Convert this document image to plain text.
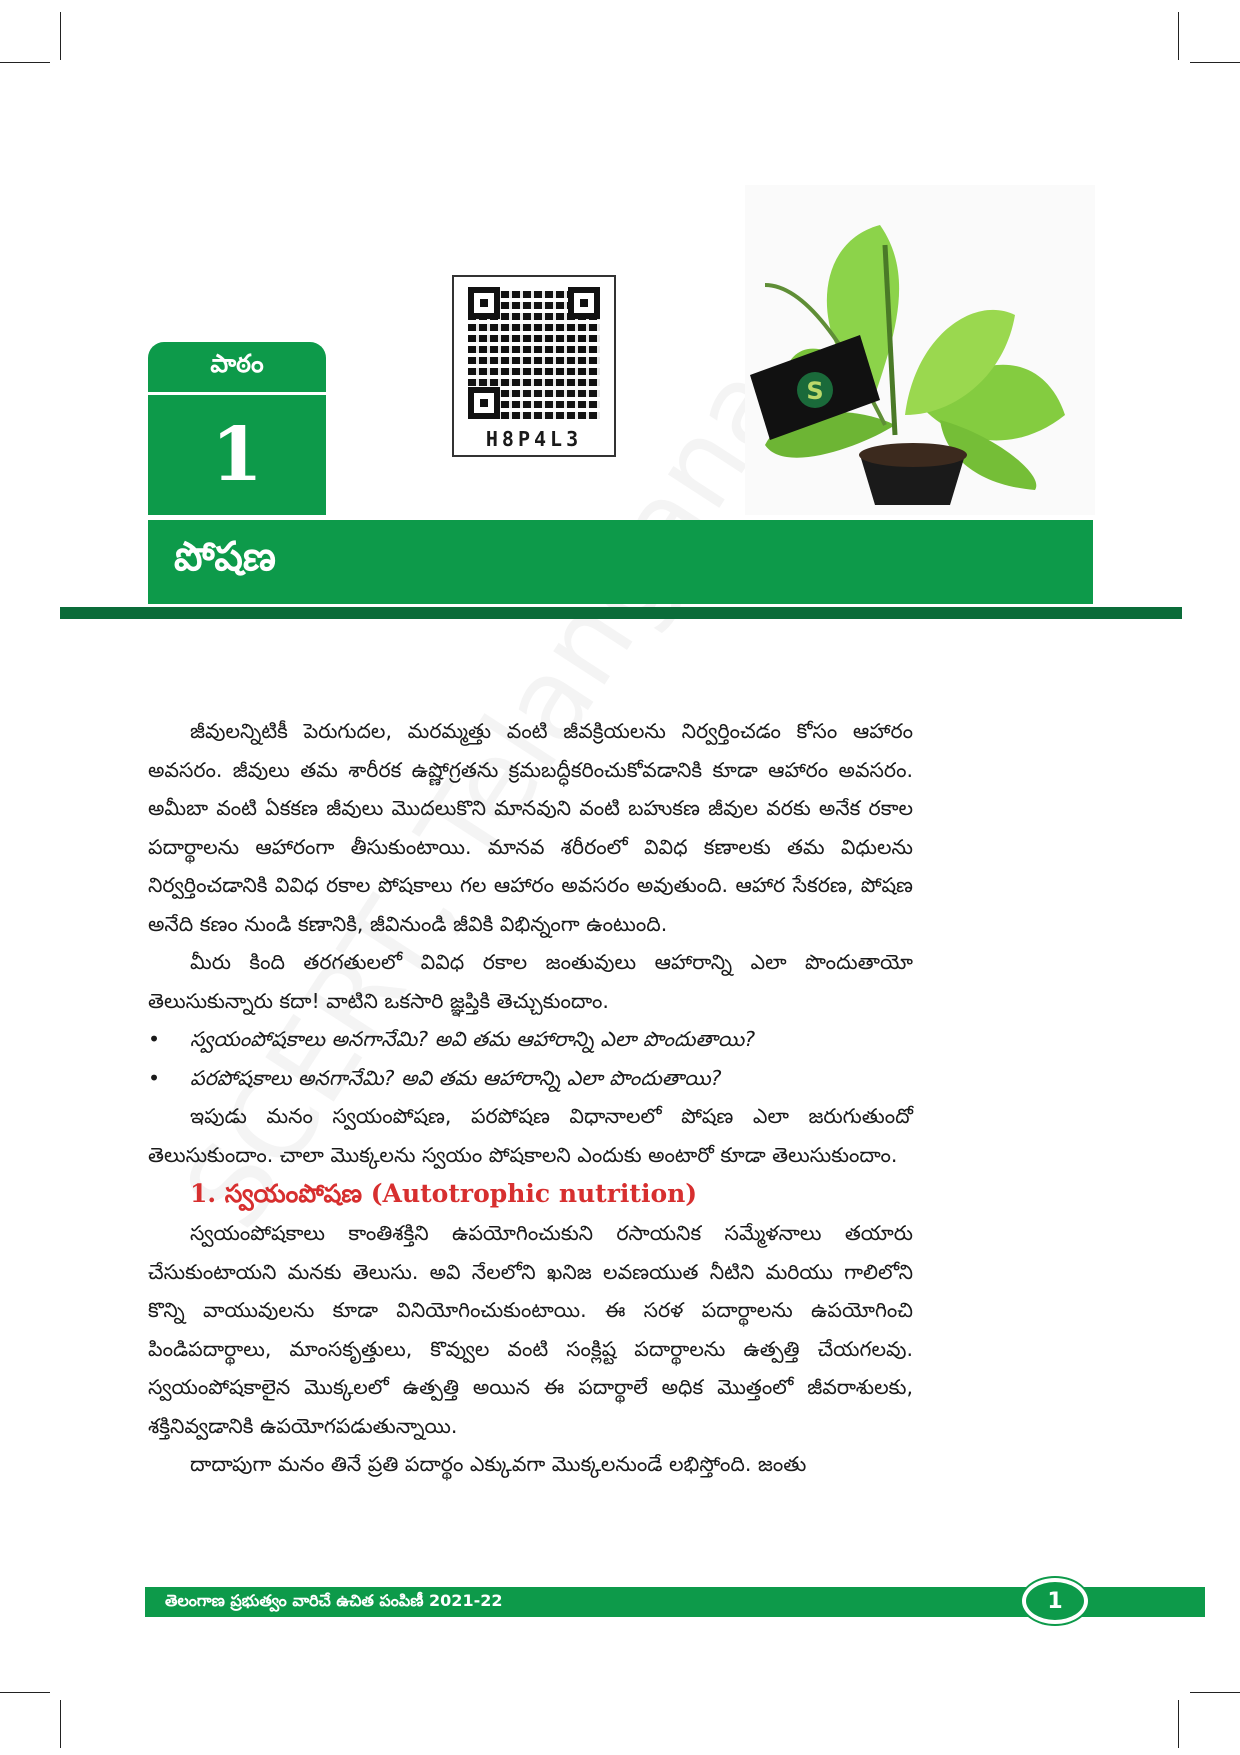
పాఠం
1	H8P4L3
S
పోషణ

జీవులన్నిటికీ పెరుగుదల, మరమ్మత్తు వంటి జీవక్రియలను నిర్వర్తించడం కోసం ఆహారం అవసరం. జీవులు తమ శారీరక ఉష్ణోగ్రతను క్రమబద్ధీకరించుకోవడానికి కూడా ఆహారం అవసరం. అమీబా వంటి ఏకకణ జీవులు మొదలుకొని మానవుని వంటి బహుకణ జీవుల వరకు అనేక రకాల పదార్థాలను ఆహారంగా తీసుకుంటాయి. మానవ శరీరంలో వివిధ కణాలకు తమ విధులను నిర్వర్తించడానికి వివిధ రకాల పోషకాలు గల ఆహారం అవసరం అవుతుంది. ఆహార సేకరణ, పోషణ అనేది కణం నుండి కణానికి, జీవినుండి జీవికి విభిన్నంగా ఉంటుంది.

మీరు కింది తరగతులలో వివిధ రకాల జంతువులు ఆహారాన్ని ఎలా పొందుతాయో తెలుసుకున్నారు కదా! వాటిని ఒకసారి జ్ఞప్తికి తెచ్చుకుందాం.

• స్వయంపోషకాలు అనగానేమి? అవి తమ ఆహారాన్ని ఎలా పొందుతాయి?

• పరపోషకాలు అనగానేమి? అవి తమ ఆహారాన్ని ఎలా పొందుతాయి?

ఇపుడు మనం స్వయంపోషణ, పరపోషణ విధానాలలో పోషణ ఎలా జరుగుతుందో తెలుసుకుందాం. చాలా మొక్కలను స్వయం పోషకాలని ఎందుకు అంటారో కూడా తెలుసుకుందాం.

1. స్వయంపోషణ (Autotrophic nutrition)

స్వయంపోషకాలు కాంతిశక్తిని ఉపయోగించుకుని రసాయనిక సమ్మేళనాలు తయారు చేసుకుంటాయని మనకు తెలుసు. అవి నేలలోని ఖనిజ లవణయుత నీటిని మరియు గాలిలోని కొన్ని వాయువులను కూడా వినియోగించుకుంటాయి. ఈ సరళ పదార్థాలను ఉపయోగించి పిండిపదార్థాలు, మాంసకృత్తులు, కొవ్వుల వంటి సంక్లిష్ట పదార్థాలను ఉత్పత్తి చేయగలవు. స్వయంపోషకాలైన మొక్కలలో ఉత్పత్తి అయిన ఈ పదార్థాలే అధిక మొత్తంలో జీవరాశులకు, శక్తినివ్వడానికి ఉపయోగపడుతున్నాయి.

దాదాపుగా మనం తినే ప్రతి పదార్థం ఎక్కువగా మొక్కలనుండే లభిస్తోంది. జంతు

తెలంగాణ ప్రభుత్వం వారిచే ఉచిత పంపిణీ 2021-22	1
